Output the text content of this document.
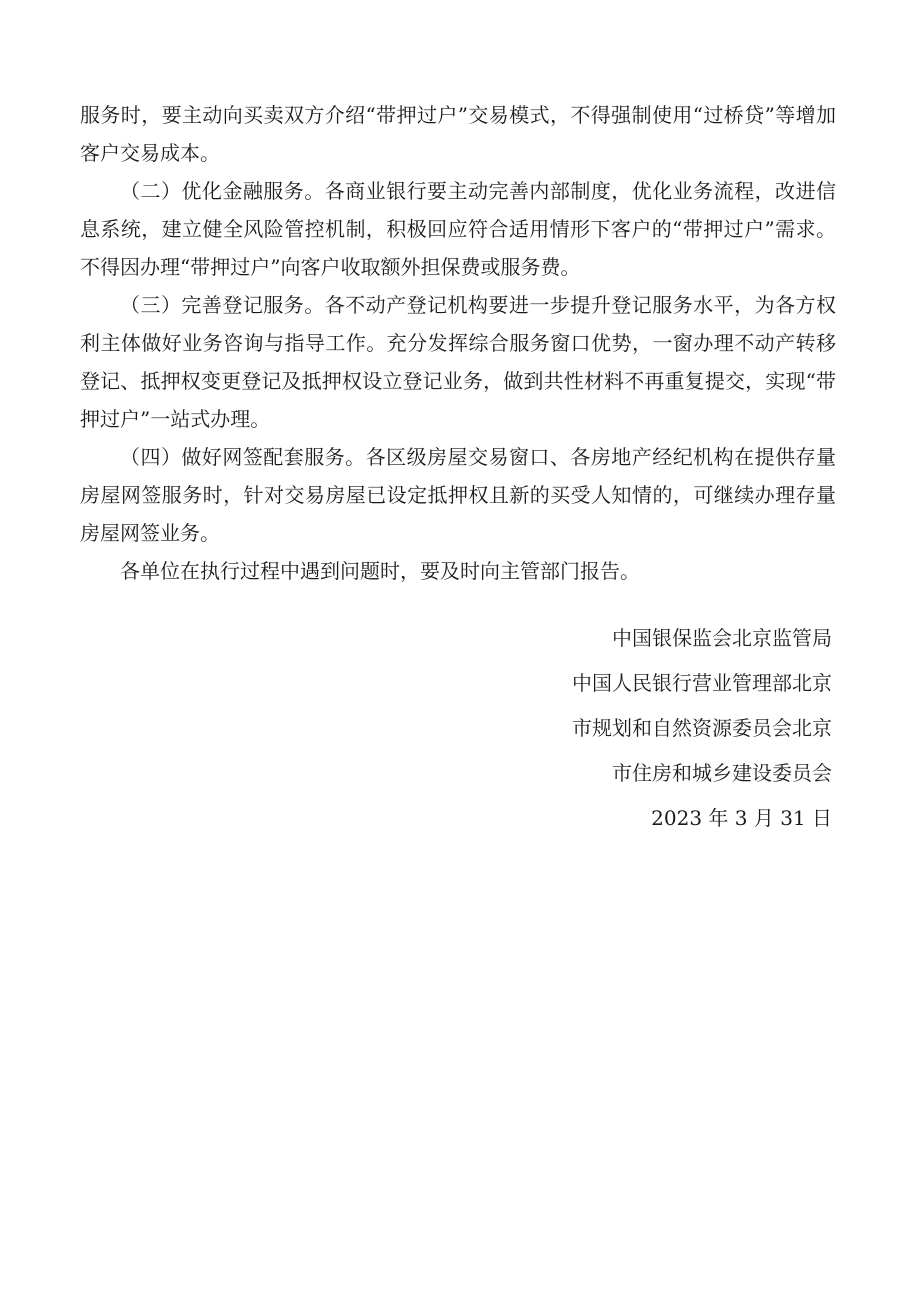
服务时，要主动向买卖双方介绍“带押过户”交易模式，不得强制使用“过桥贷”等增加客户交易成本。

（二）优化金融服务。各商业银行要主动完善内部制度，优化业务流程，改进信息系统，建立健全风险管控机制，积极回应符合适用情形下客户的“带押过户”需求。不得因办理“带押过户”向客户收取额外担保费或服务费。

（三）完善登记服务。各不动产登记机构要进一步提升登记服务水平，为各方权利主体做好业务咨询与指导工作。充分发挥综合服务窗口优势，一窗办理不动产转移登记、抵押权变更登记及抵押权设立登记业务，做到共性材料不再重复提交，实现“带押过户”一站式办理。

（四）做好网签配套服务。各区级房屋交易窗口、各房地产经纪机构在提供存量房屋网签服务时，针对交易房屋已设定抵押权且新的买受人知情的，可继续办理存量房屋网签业务。

各单位在执行过程中遇到问题时，要及时向主管部门报告。

中国银保监会北京监管局
中国人民银行营业管理部北京
市规划和自然资源委员会北京
市住房和城乡建设委员会
2023 年 3 月 31 日
